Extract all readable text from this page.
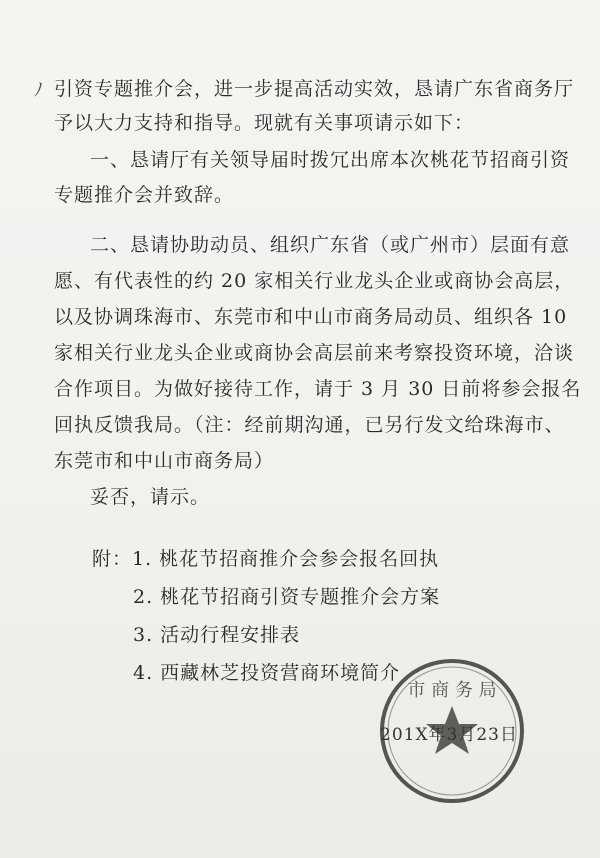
ﾉ 引资专题推介会，进一步提高活动实效，恳请广东省商务厅
予以大力支持和指导。现就有关事项请示如下：
一、恳请厅有关领导届时拨冗出席本次桃花节招商引资
专题推介会并致辞。
二、恳请协助动员、组织广东省（或广州市）层面有意
愿、有代表性的约 20 家相关行业龙头企业或商协会高层，
以及协调珠海市、东莞市和中山市商务局动员、组织各 10
家相关行业龙头企业或商协会高层前来考察投资环境，洽谈
合作项目。为做好接待工作，请于 3 月 30 日前将参会报名
回执反馈我局。（注：经前期沟通，已另行发文给珠海市、
东莞市和中山市商务局）
妥否，请示。
附：1. 桃花节招商推介会参会报名回执
2. 桃花节招商引资专题推介会方案
3. 活动行程安排表
4. 西藏林芝投资营商环境简介
市 商 务 局
201X年3月23日
